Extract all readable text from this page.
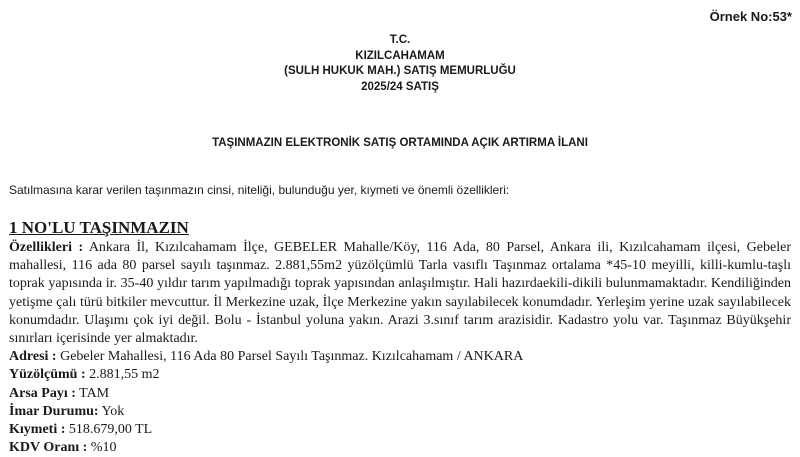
Örnek No:53*
T.C.
KIZILCAHAMAM
(SULH HUKUK MAH.) SATIŞ MEMURLUĞU
2025/24 SATIŞ
TAŞINMAZIN ELEKTRONİK SATIŞ ORTAMINDA AÇIK ARTIRMA İLANI
Satılmasına karar verilen taşınmazın cinsi, niteliği, bulunduğu yer, kıymeti ve önemli özellikleri:
1 NO'LU TAŞINMAZIN

Özellikleri : Ankara İl, Kızılcahamam İlçe, GEBELER Mahalle/Köy, 116 Ada, 80 Parsel, Ankara ili, Kızılcahamam ilçesi, Gebeler mahallesi, 116 ada 80 parsel sayılı taşınmaz. 2.881,55m2 yüzölçümlü Tarla vasıflı Taşınmaz ortalama *45-10 meyilli, killi-kumlu-taşlı toprak yapısında ir. 35-40 yıldır tarım yapılmadığı toprak yapısından anlaşılmıştır. Hali hazırdaekili-dikili bulunmamaktadır. Kendiliğinden yetişme çalı türü bitkiler mevcuttur. İl Merkezine uzak, İlçe Merkezine yakın sayılabilecek konumdadır. Yerleşim yerine uzak sayılabilecek konumdadır. Ulaşımı çok iyi değil. Bolu - İstanbul yoluna yakın. Arazi 3.sınıf tarım arazisidir. Kadastro yolu var. Taşınmaz Büyükşehir sınırları içerisinde yer almaktadır.

Adresi : Gebeler Mahallesi, 116 Ada 80 Parsel Sayılı Taşınmaz. Kızılcahamam / ANKARA

Yüzölçümü : 2.881,55 m2

Arsa Payı : TAM

İmar Durumu: Yok

Kıymeti : 518.679,00 TL

KDV Oranı : %10
